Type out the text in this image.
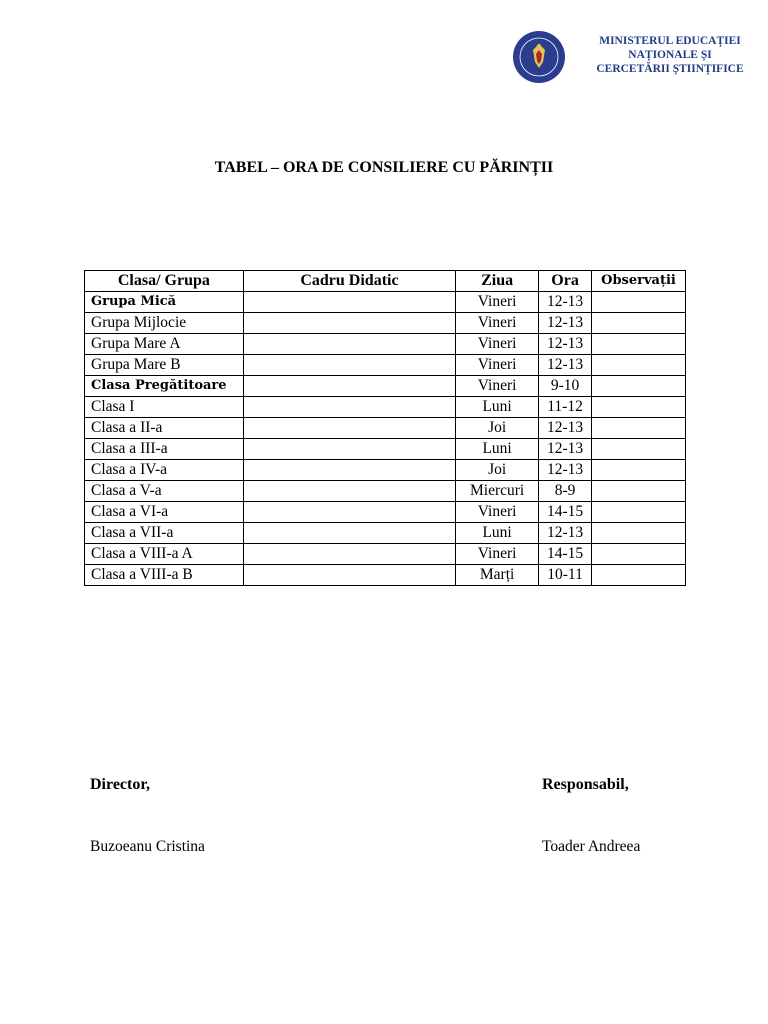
MINISTERUL EDUCAȚIEI
NAȚIONALE ȘI
CERCETĂRII ȘTIINȚIFICE
TABEL – ORA DE CONSILIERE CU PĂRINȚII
Clasa/ Grupa	Cadru Didatic	Ziua	Ora	Observații
Grupa Mică		Vineri	12-13	
Grupa Mijlocie		Vineri	12-13	
Grupa Mare A		Vineri	12-13	
Grupa Mare B		Vineri	12-13	
Clasa Pregătitoare		Vineri	9-10	
Clasa I		Luni	11-12	
Clasa a II-a		Joi	12-13	
Clasa a III-a		Luni	12-13	
Clasa a IV-a		Joi	12-13	
Clasa a V-a		Miercuri	8-9	
Clasa a VI-a		Vineri	14-15	
Clasa a VII-a		Luni	12-13	
Clasa a VIII-a A		Vineri	14-15	
Clasa a VIII-a B		Marți	10-11	
Director,
Buzoeanu Cristina
Responsabil,
Toader Andreea
